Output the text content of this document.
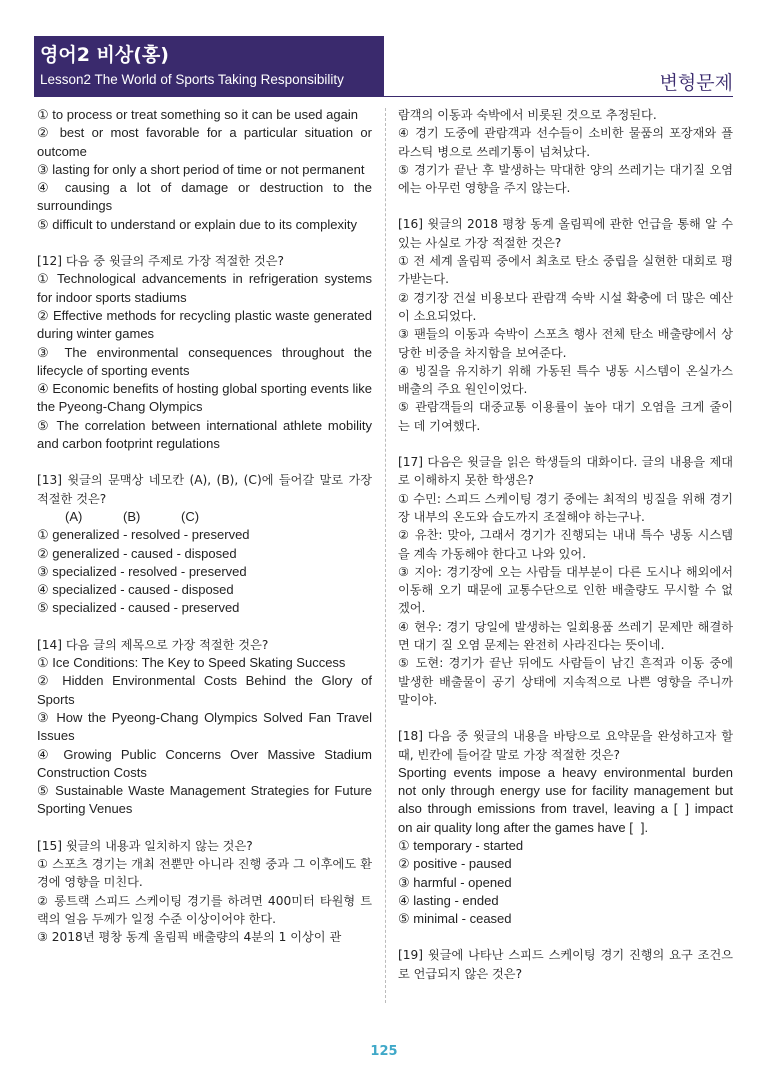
영어2 비상(홍)
Lesson2 The World of Sports Taking Responsibility	변형문제

① to process or treat something so it can be used again

② best or most favorable for a particular situation or outcome

③ lasting for only a short period of time or not permanent

④ causing a lot of damage or destruction to the surroundings

⑤ difficult to understand or explain due to its complexity

[12] 다음 중 윗글의 주제로 가장 적절한 것은?

① Technological advancements in refrigeration systems for indoor sports stadiums

② Effective methods for recycling plastic waste generated during winter games

③ The environmental consequences throughout the lifecycle of sporting events

④ Economic benefits of hosting global sporting events like the Pyeong-Chang Olympics

⑤ The correlation between international athlete mobility and carbon footprint regulations

[13] 윗글의 문맥상 네모칸 (A), (B), (C)에 들어갈 말로 가장 적절한 것은?

(A)	(B)	(C)

① generalized - resolved - preserved

② generalized - caused - disposed

③ specialized - resolved - preserved

④ specialized - caused - disposed

⑤ specialized - caused - preserved

[14] 다음 글의 제목으로 가장 적절한 것은?

① Ice Conditions: The Key to Speed Skating Success

② Hidden Environmental Costs Behind the Glory of Sports

③ How the Pyeong-Chang Olympics Solved Fan Travel Issues

④ Growing Public Concerns Over Massive Stadium Construction Costs

⑤ Sustainable Waste Management Strategies for Future Sporting Venues

[15] 윗글의 내용과 일치하지 않는 것은?

① 스포츠 경기는 개최 전뿐만 아니라 진행 중과 그 이후에도 환경에 영향을 미친다.

② 롱트랙 스피드 스케이팅 경기를 하려면 400미터 타원형 트랙의 얼음 두께가 일정 수준 이상이어야 한다.

③ 2018년 평창 동계 올림픽 배출량의 4분의 1 이상이 관

람객의 이동과 숙박에서 비롯된 것으로 추정된다.

④ 경기 도중에 관람객과 선수들이 소비한 물품의 포장재와 플라스틱 병으로 쓰레기통이 넘쳐났다.

⑤ 경기가 끝난 후 발생하는 막대한 양의 쓰레기는 대기질 오염에는 아무런 영향을 주지 않는다.

[16] 윗글의 2018 평창 동계 올림픽에 관한 언급을 통해 알 수 있는 사실로 가장 적절한 것은?

① 전 세계 올림픽 중에서 최초로 탄소 중립을 실현한 대회로 평가받는다.

② 경기장 건설 비용보다 관람객 숙박 시설 확충에 더 많은 예산이 소요되었다.

③ 팬들의 이동과 숙박이 스포츠 행사 전체 탄소 배출량에서 상당한 비중을 차지함을 보여준다.

④ 빙질을 유지하기 위해 가동된 특수 냉동 시스템이 온실가스 배출의 주요 원인이었다.

⑤ 관람객들의 대중교통 이용률이 높아 대기 오염을 크게 줄이는 데 기여했다.

[17] 다음은 윗글을 읽은 학생들의 대화이다. 글의 내용을 제대로 이해하지 못한 학생은?

① 수민: 스피드 스케이팅 경기 중에는 최적의 빙질을 위해 경기장 내부의 온도와 습도까지 조절해야 하는구나.

② 유찬: 맞아, 그래서 경기가 진행되는 내내 특수 냉동 시스템을 계속 가동해야 한다고 나와 있어.

③ 지아: 경기장에 오는 사람들 대부분이 다른 도시나 해외에서 이동해 오기 때문에 교통수단으로 인한 배출량도 무시할 수 없겠어.

④ 현우: 경기 당일에 발생하는 일회용품 쓰레기 문제만 해결하면 대기 질 오염 문제는 완전히 사라진다는 뜻이네.

⑤ 도현: 경기가 끝난 뒤에도 사람들이 남긴 흔적과 이동 중에 발생한 배출물이 공기 상태에 지속적으로 나쁜 영향을 주니까 말이야.

[18] 다음 중 윗글의 내용을 바탕으로 요약문을 완성하고자 할 때, 빈칸에 들어갈 말로 가장 적절한 것은?

Sporting events impose a heavy environmental burden not only through energy use for facility management but also through emissions from travel, leaving a [ ] impact on air quality long after the games have [ ].

① temporary - started

② positive - paused

③ harmful - opened

④ lasting - ended

⑤ minimal - ceased

[19] 윗글에 나타난 스피드 스케이팅 경기 진행의 요구 조건으로 언급되지 않은 것은?

125
